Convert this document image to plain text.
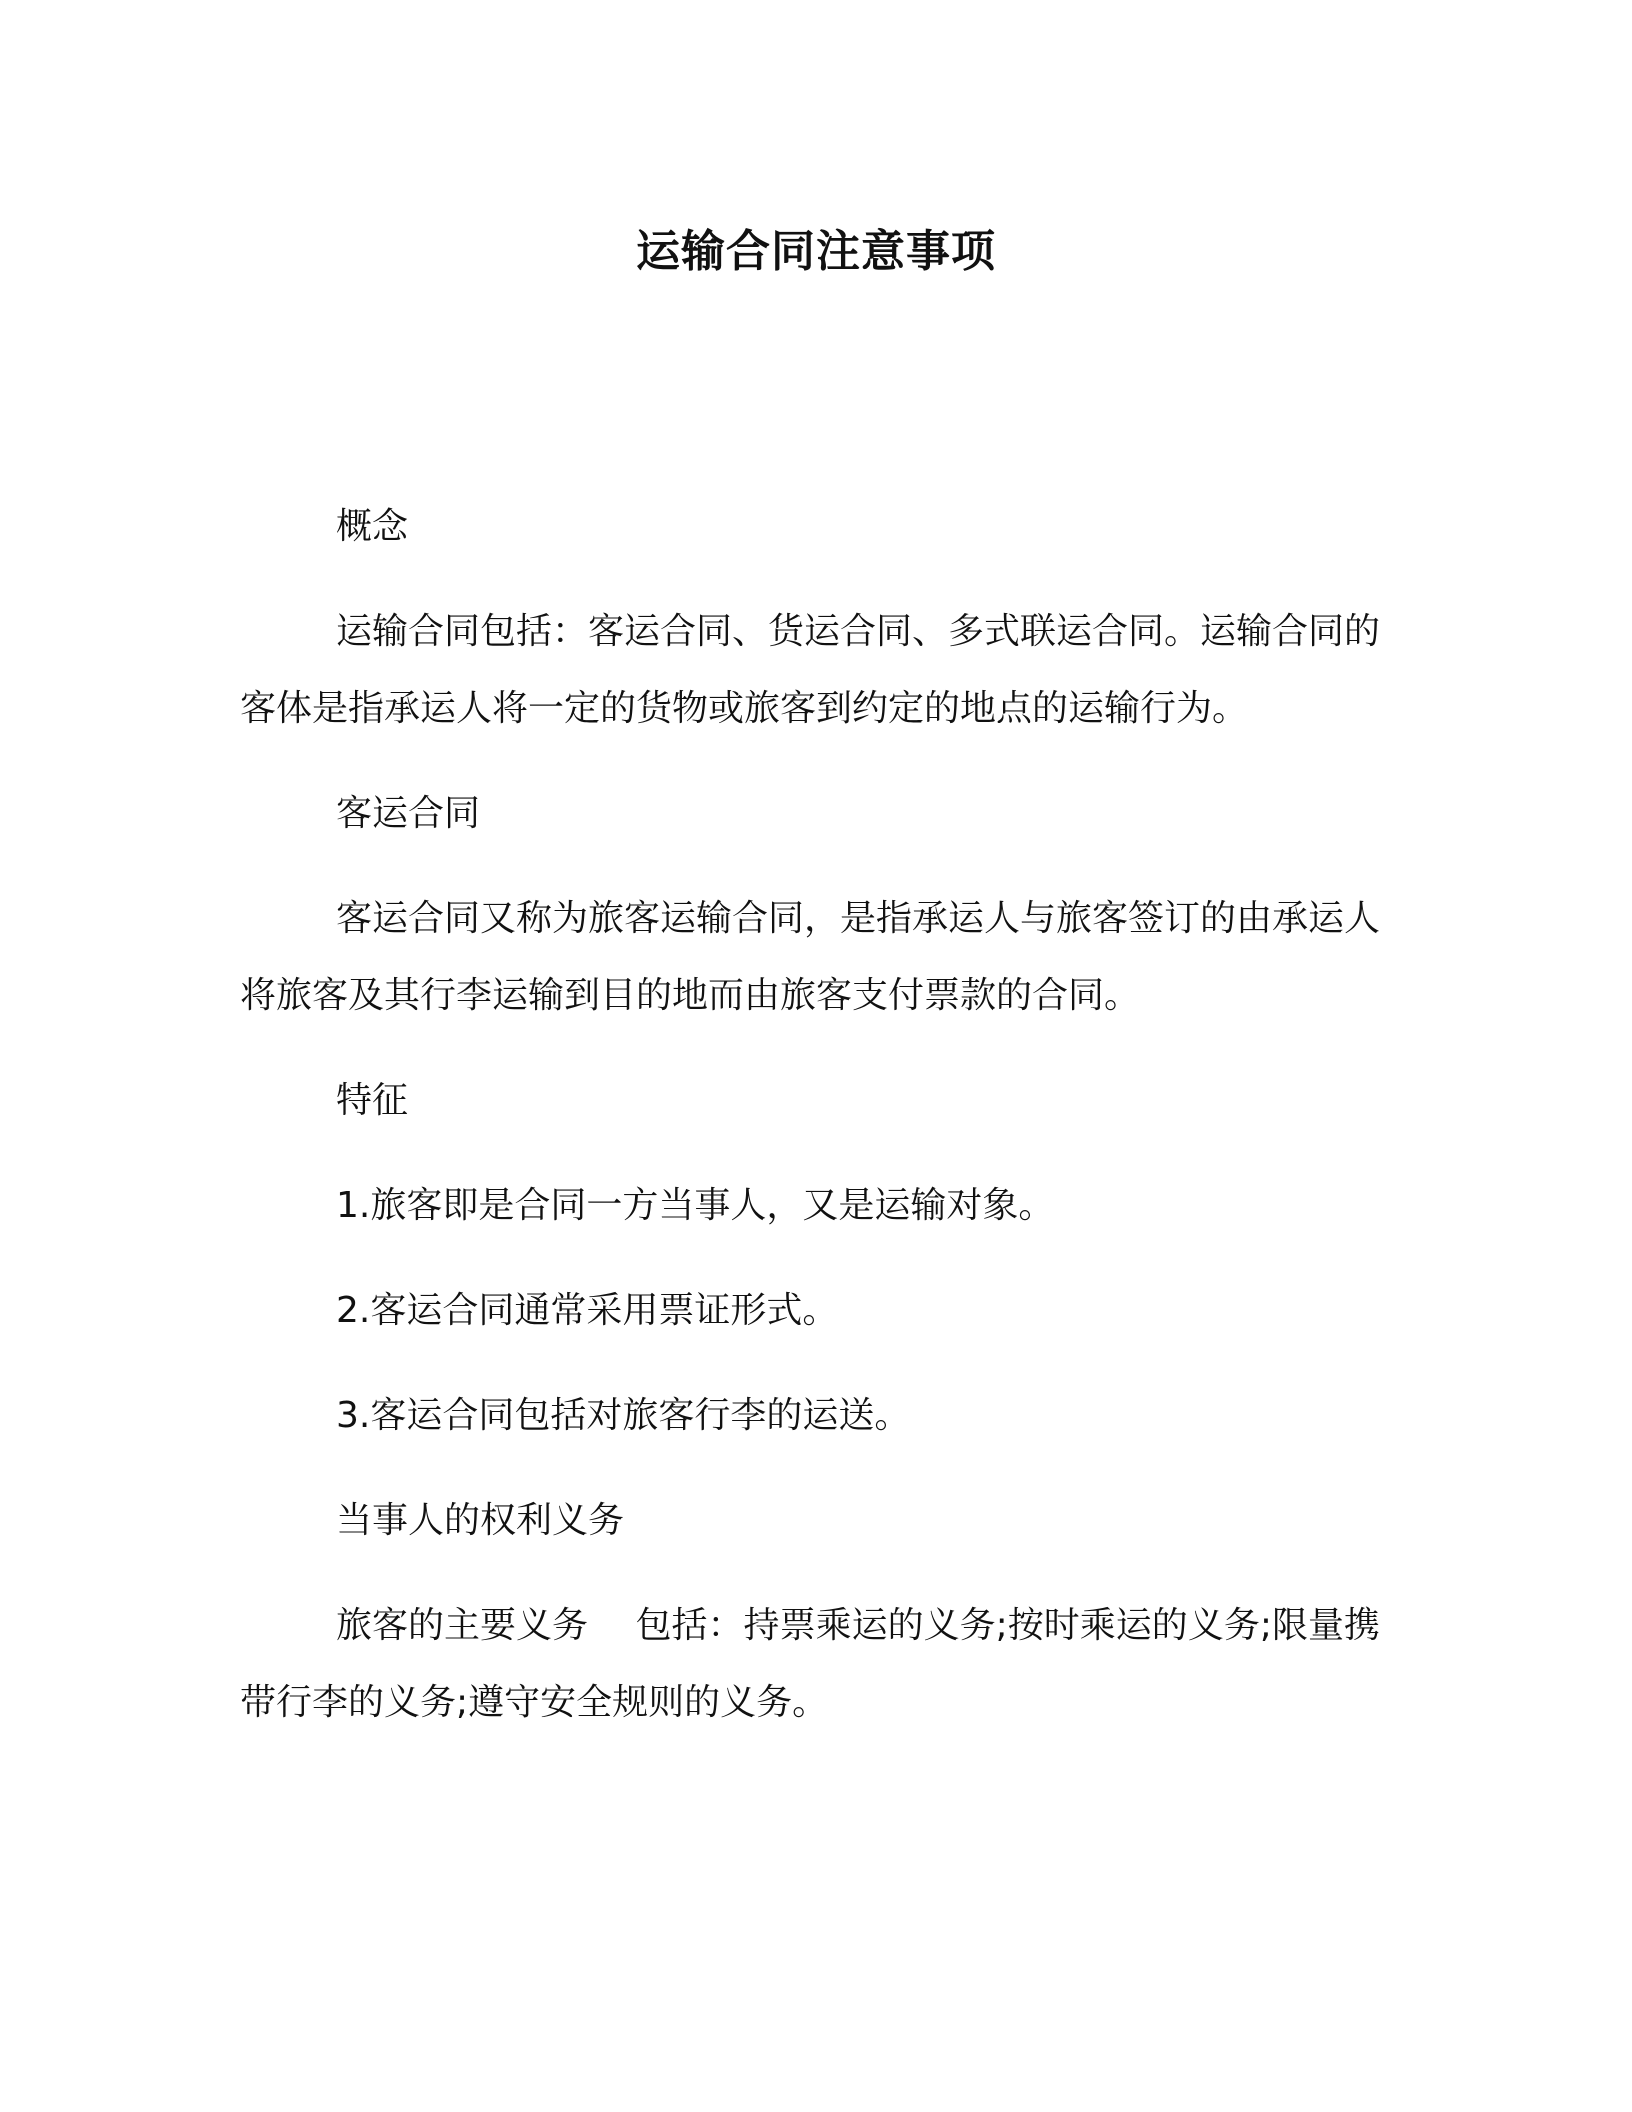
运输合同注意事项
概念
运输合同包括：客运合同、货运合同、多式联运合同。运输合同的客体是指承运人将一定的货物或旅客到约定的地点的运输行为。
客运合同
客运合同又称为旅客运输合同，是指承运人与旅客签订的由承运人将旅客及其行李运输到目的地而由旅客支付票款的合同。
特征
1.旅客即是合同一方当事人，又是运输对象。
2.客运合同通常采用票证形式。
3.客运合同包括对旅客行李的运送。
当事人的权利义务
旅客的主要义务　 包括：持票乘运的义务;按时乘运的义务;限量携带行李的义务;遵守安全规则的义务。
